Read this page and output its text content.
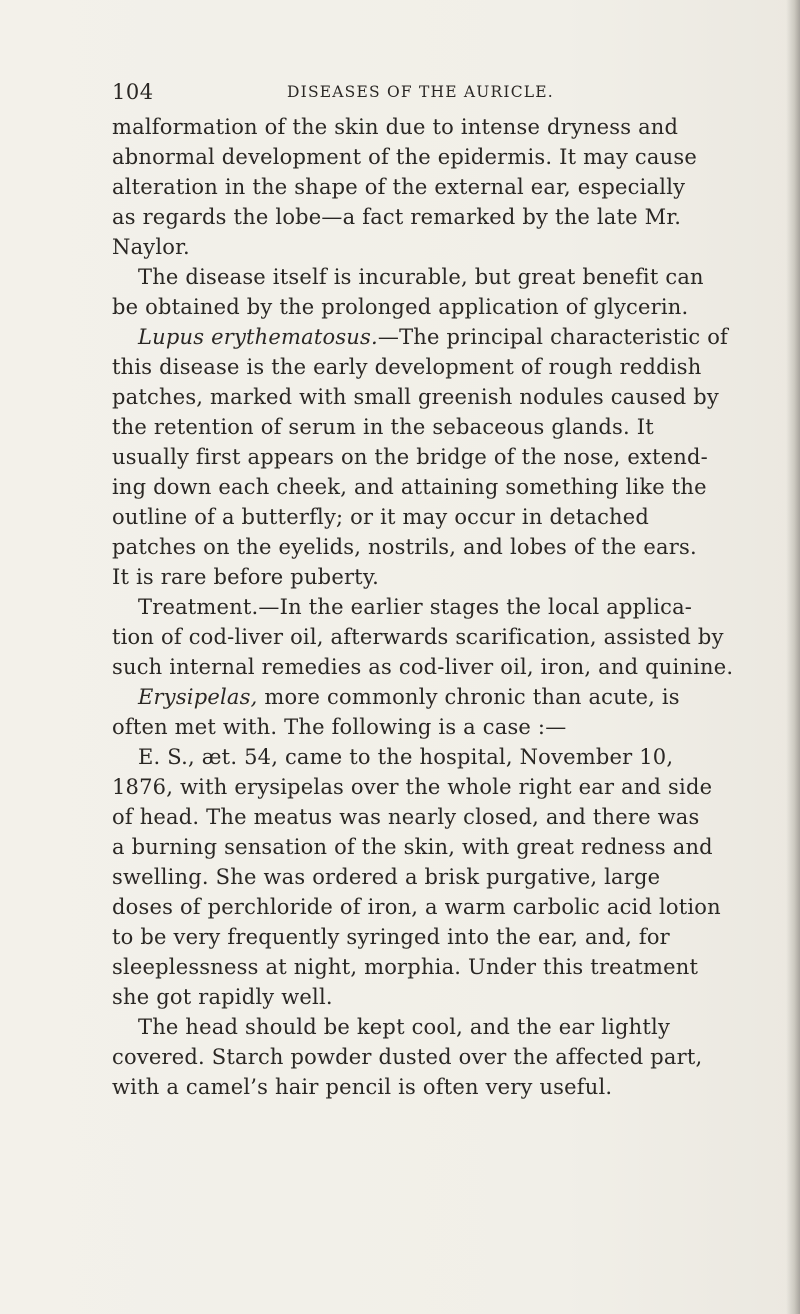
104	DISEASES OF THE AURICLE.
malformation of the skin due to intense dryness and
abnormal development of the epidermis. It may cause
alteration in the shape of the external ear, especially
as regards the lobe—a fact remarked by the late Mr.
Naylor.
The disease itself is incurable, but great benefit can
be obtained by the prolonged application of glycerin.
Lupus erythematosus.—The principal characteristic of
this disease is the early development of rough reddish
patches, marked with small greenish nodules caused by
the retention of serum in the sebaceous glands. It
usually first appears on the bridge of the nose, extend-
ing down each cheek, and attaining something like the
outline of a butterfly; or it may occur in detached
patches on the eyelids, nostrils, and lobes of the ears.
It is rare before puberty.
Treatment.—In the earlier stages the local applica-
tion of cod-liver oil, afterwards scarification, assisted by
such internal remedies as cod-liver oil, iron, and quinine.
Erysipelas, more commonly chronic than acute, is
often met with. The following is a case :—
E. S., æt. 54, came to the hospital, November 10,
1876, with erysipelas over the whole right ear and side
of head. The meatus was nearly closed, and there was
a burning sensation of the skin, with great redness and
swelling. She was ordered a brisk purgative, large
doses of perchloride of iron, a warm carbolic acid lotion
to be very frequently syringed into the ear, and, for
sleeplessness at night, morphia. Under this treatment
she got rapidly well.
The head should be kept cool, and the ear lightly
covered. Starch powder dusted over the affected part,
with a camel’s hair pencil is often very useful.
